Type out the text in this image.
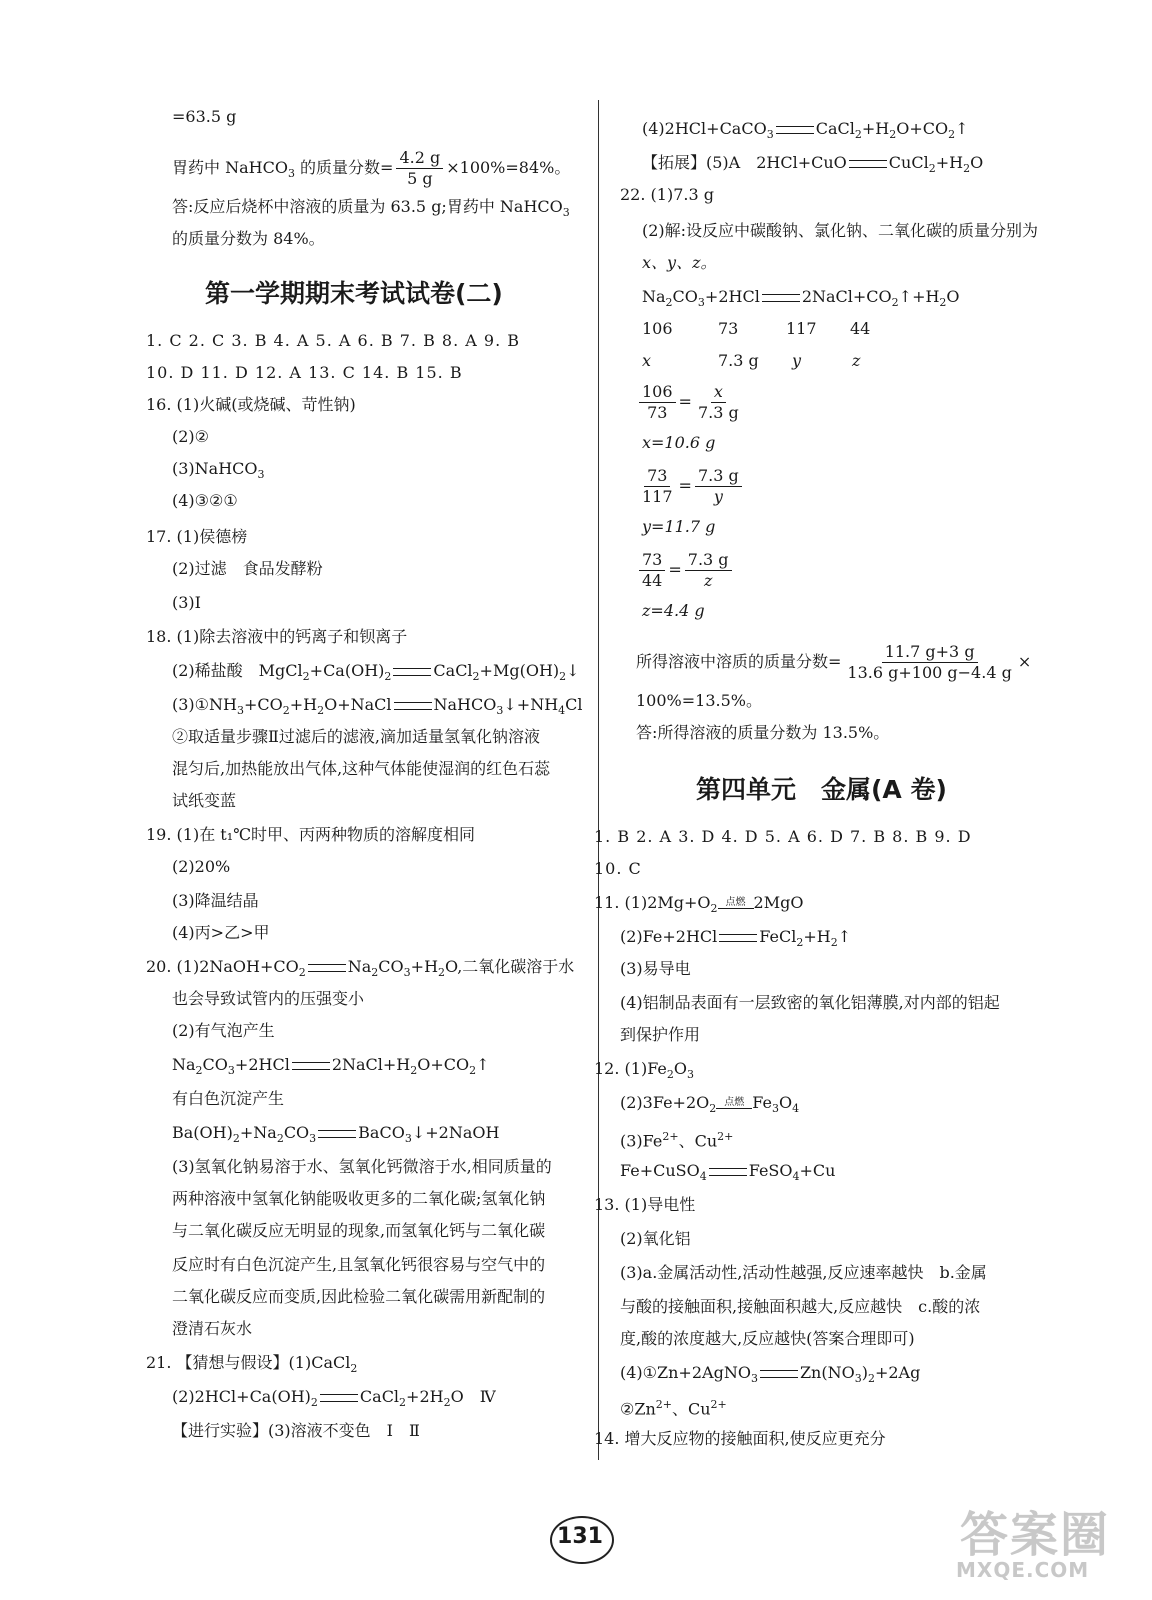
=63.5 g
胃药中 NaHCO$_3$ 的质量分数= $\frac{4.2 g}{5 g} \times 100\%=84\%$。
答:反应后烧杯中溶液的质量为 63.5 g;胃药中 NaHCO$_3$
的质量分数为 84%。
第一学期期末考试试卷(二)
1. C 2. C 3. B 4. A 5. A 6. B 7. B 8. A 9. B
10. D 11. D 12. A 13. C 14. B 15. B
16. (1)火碱(或烧碱、苛性钠)
(2)②
(3)NaHCO$_3$
(4)③②①
17. (1)侯德榜
(2)过滤　食品发酵粉
(3)Ⅰ
18. (1)除去溶液中的钙离子和钡离子
(2)稀盐酸　$MgCl_2+Ca(OH)_2$	$CaCl_2+Mg(OH)_2↓$
$(3)①NH_3+CO_2+H_2O+NaCl$	$NaHCO_3↓+NH_4Cl$
②取适量步骤Ⅱ过滤后的滤液,滴加适量氢氧化钠溶液
混匀后,加热能放出气体,这种气体能使湿润的红色石蕊
试纸变蓝
19. (1)在 t₁℃时甲、丙两种物质的溶解度相同
(2)20%
(3)降温结晶
(4)丙>乙>甲
20. $(1)2NaOH+CO_2$	$Na_2CO_3+H_2O$,二氧化碳溶于水
也会导致试管内的压强变小
(2)有气泡产生
$Na_2CO_3+2HCl$	$2NaCl+H_2O+CO_2↑$
有白色沉淀产生
$Ba(OH)_2+Na_2CO_3$	BaCO$_3$↓+2NaOH
(3)氢氧化钠易溶于水、氢氧化钙微溶于水,相同质量的
两种溶液中氢氧化钠能吸收更多的二氧化碳;氢氧化钠
与二氧化碳反应无明显的现象,而氢氧化钙与二氧化碳
反应时有白色沉淀产生,且氢氧化钙很容易与空气中的
二氧化碳反应而变质,因此检验二氧化碳需用新配制的
澄清石灰水
21. 【猜想与假设】(1)CaCl$_2$
$(2)2HCl+Ca(OH)_2$	$CaCl_2+2H_2O$　Ⅳ
【进行实验】(3)溶液不变色　Ⅰ　Ⅱ
(4)2HCl+CaCO$_3$	$CaCl_2+H_2O+CO_2↑$
【拓展】(5)A　2HCl+CuO	$CuCl_2+H_2O$
22. (1)7.3 g
(2)解:设反应中碳酸钠、氯化钠、二氧化碳的质量分别为
x、y、z。
$Na_2CO_3+2HCl$	$2NaCl+CO_2↑+H_2O$
106	73	117 44
x	7.3 g y	z
$\frac{106}{73} = \frac{x}{7.3 g}$
x=10.6 g
$\frac{73}{117} = \frac{7.3 g}{y}$
y=11.7 g
$\frac{73}{44} = \frac{7.3 g}{z}$
z=4.4 g
所得溶液中溶质的质量分数= $\frac{11.7 g+3 g}{13.6 g+100 g-4.4 g}$ ×
100%=13.5%。
答:所得溶液的质量分数为 13.5%。
第四单元　金属(A 卷)
1. B 2. A 3. D 4. D 5. A 6. D 7. B 8. B 9. D
10. C
11. $(1)2Mg+O_2$ 点燃 2MgO
(2)Fe+2HCl	$FeCl_2+H_2↑$
(3)易导电
(4)铝制品表面有一层致密的氧化铝薄膜,对内部的铝起
到保护作用
12. $(1)Fe_2O_3$
$(2)3Fe+2O_2$ 点燃 $Fe_3O_4$
$(3)Fe^{2+}$、$Cu^{2+}$
Fe+CuSO$_4$	FeSO$_4$+Cu
13. (1)导电性
(2)氧化铝
(3)a.金属活动性,活动性越强,反应速率越快　b.金属
与酸的接触面积,接触面积越大,反应越快　c.酸的浓
度,酸的浓度越大,反应越快(答案合理即可)
(4)①Zn+2AgNO$_3$	$Zn(NO_3)_2+2Ag$
$②Zn^{2+}$、$Cu^{2+}$
14. 增大反应物的接触面积,使反应更充分
131	答案圈
MXQE.COM
